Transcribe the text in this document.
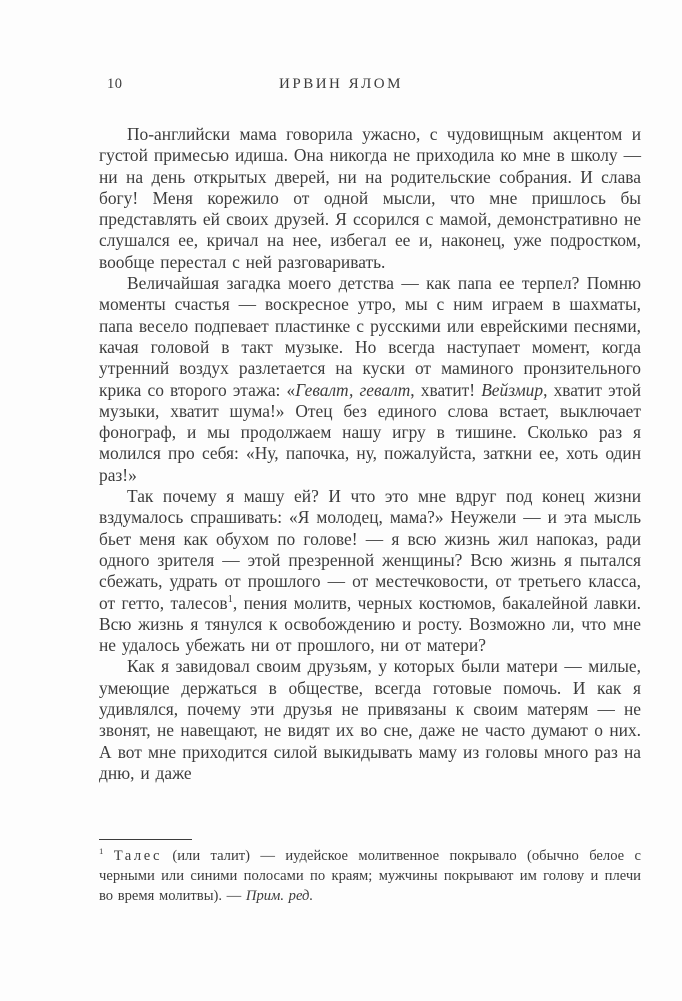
10	ИРВИН ЯЛОМ

По-английски мама говорила ужасно, с чудовищным акцентом и густой примесью идиша. Она никогда не приходила ко мне в школу — ни на день открытых дверей, ни на родительские собрания. И слава богу! Меня корежило от одной мысли, что мне пришлось бы представлять ей своих друзей. Я ссорился с мамой, демонстративно не слушался ее, кричал на нее, избегал ее и, наконец, уже подростком, вообще перестал с ней разговаривать.

Величайшая загадка моего детства — как папа ее терпел? Помню моменты счастья — воскресное утро, мы с ним играем в шахматы, папа весело подпевает пластинке с русскими или еврейскими песнями, качая головой в такт музыке. Но всегда наступает момент, когда утренний воздух разлетается на куски от маминого пронзительного крика со второго этажа: «Гевалт, гевалт, хватит! Вейзмир, хватит этой музыки, хватит шума!» Отец без единого слова встает, выключает фонограф, и мы продолжаем нашу игру в тишине. Сколько раз я молился про себя: «Ну, папочка, ну, пожалуйста, заткни ее, хоть один раз!»

Так почему я машу ей? И что это мне вдруг под конец жизни вздумалось спрашивать: «Я молодец, мама?» Неужели — и эта мысль бьет меня как обухом по голове! — я всю жизнь жил напоказ, ради одного зрителя — этой презренной женщины? Всю жизнь я пытался сбежать, удрать от прошлого — от местечковости, от третьего класса, от гетто, талесов$^1$, пения молитв, черных костюмов, бакалейной лавки. Всю жизнь я тянулся к освобождению и росту. Возможно ли, что мне не удалось убежать ни от прошлого, ни от матери?

Как я завидовал своим друзьям, у которых были матери — милые, умеющие держаться в обществе, всегда готовые помочь. И как я удивлялся, почему эти друзья не привязаны к своим матерям — не звонят, не навещают, не видят их во сне, даже не часто думают о них. А вот мне приходится силой выкидывать маму из головы много раз на дню, и даже

$^1$ Талес (или талит) — иудейское молитвенное покрывало (обычно белое с черными или синими полосами по краям; мужчины покрывают им голову и плечи во время молитвы). — Прим. ред.
